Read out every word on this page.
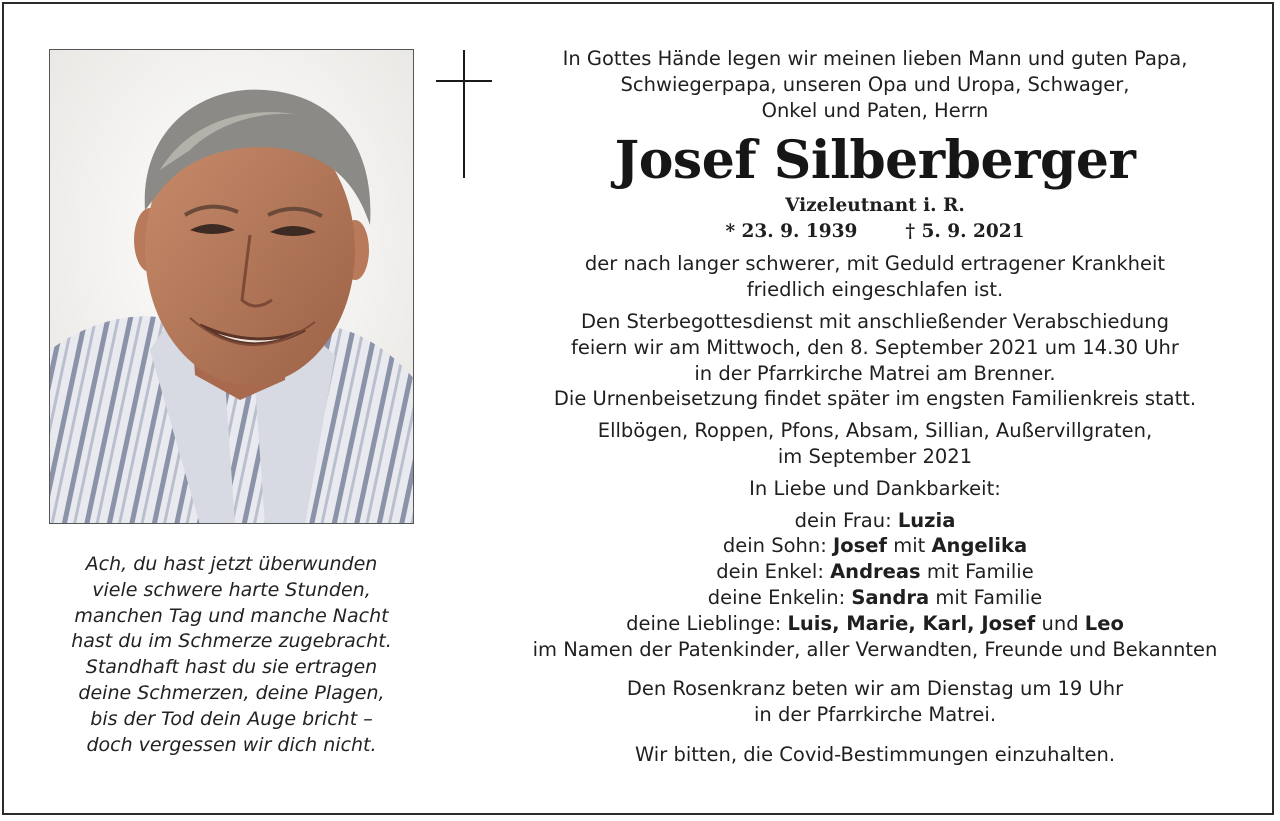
Ach, du hast jetzt überwunden
viele schwere harte Stunden,
manchen Tag und manche Nacht
hast du im Schmerze zugebracht.
Standhaft hast du sie ertragen
deine Schmerzen, deine Plagen,
bis der Tod dein Auge bricht –
doch vergessen wir dich nicht.
In Gottes Hände legen wir meinen lieben Mann und guten Papa,
Schwiegerpapa, unseren Opa und Uropa, Schwager,
Onkel und Paten, Herrn
Josef Silberberger
Vizeleutnant i. R.
* 23. 9. 1939	† 5. 9. 2021
der nach langer schwerer, mit Geduld ertragener Krankheit
friedlich eingeschlafen ist.
Den Sterbegottesdienst mit anschließender Verabschiedung
feiern wir am Mittwoch, den 8. September 2021 um 14.30 Uhr
in der Pfarrkirche Matrei am Brenner.
Die Urnenbeisetzung findet später im engsten Familienkreis statt.
Ellbögen, Roppen, Pfons, Absam, Sillian, Außervillgraten,
im September 2021
In Liebe und Dankbarkeit:
dein Frau: Luzia
dein Sohn: Josef mit Angelika
dein Enkel: Andreas mit Familie
deine Enkelin: Sandra mit Familie
deine Lieblinge: Luis, Marie, Karl, Josef und Leo
im Namen der Patenkinder, aller Verwandten, Freunde und Bekannten
Den Rosenkranz beten wir am Dienstag um 19 Uhr
in der Pfarrkirche Matrei.
Wir bitten, die Covid-Bestimmungen einzuhalten.
